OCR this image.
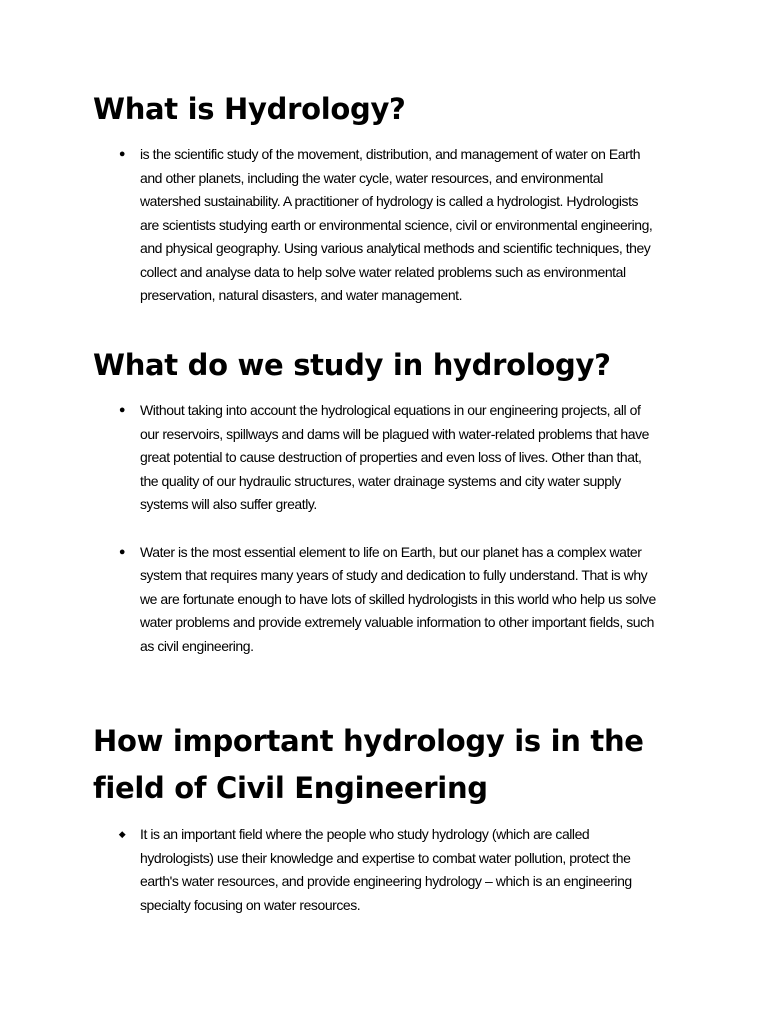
What is Hydrology?
● is the scientific study of the movement, distribution, and management of water on Earth and other planets, including the water cycle, water resources, and environmental watershed sustainability. A practitioner of hydrology is called a hydrologist. Hydrologists are scientists studying earth or environmental science, civil or environmental engineering, and physical geography. Using various analytical methods and scientific techniques, they collect and analyse data to help solve water related problems such as environmental preservation, natural disasters, and water management.
What do we study in hydrology?
● Without taking into account the hydrological equations in our engineering projects, all of our reservoirs, spillways and dams will be plagued with water-related problems that have great potential to cause destruction of properties and even loss of lives. Other than that, the quality of our hydraulic structures, water drainage systems and city water supply systems will also suffer greatly.
● Water is the most essential element to life on Earth, but our planet has a complex water system that requires many years of study and dedication to fully understand. That is why we are fortunate enough to have lots of skilled hydrologists in this world who help us solve water problems and provide extremely valuable information to other important fields, such as civil engineering.
How important hydrology is in the
field of Civil Engineering
◆ It is an important field where the people who study hydrology (which are called hydrologists) use their knowledge and expertise to combat water pollution, protect the earth's water resources, and provide engineering hydrology – which is an engineering specialty focusing on water resources.
